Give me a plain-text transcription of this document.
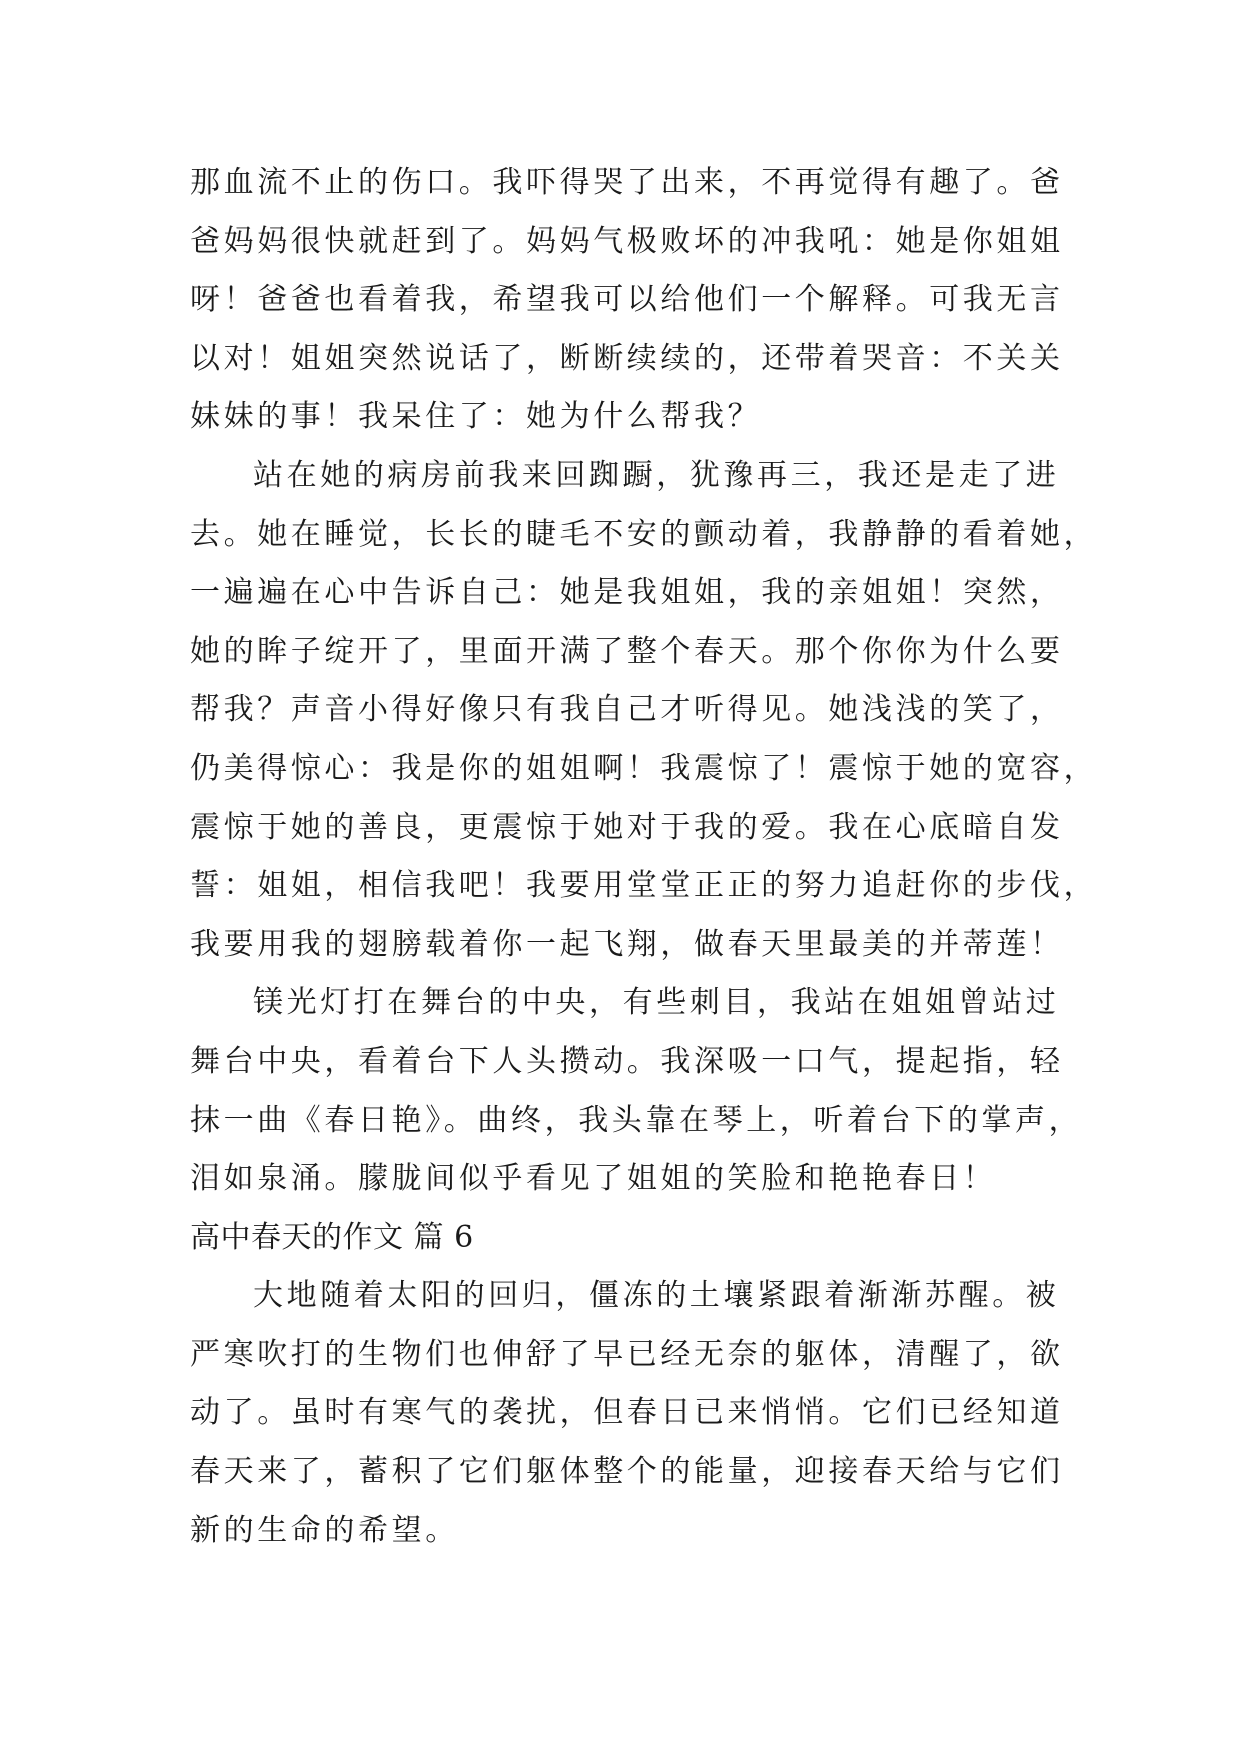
那血流不止的伤口。我吓得哭了出来，不再觉得有趣了。爸
爸妈妈很快就赶到了。妈妈气极败坏的冲我吼：她是你姐姐
呀！爸爸也看着我，希望我可以给他们一个解释。可我无言
以对！姐姐突然说话了，断断续续的，还带着哭音：不关关
妹妹的事！我呆住了：她为什么帮我？
站在她的病房前我来回踟蹰，犹豫再三，我还是走了进
去。她在睡觉，长长的睫毛不安的颤动着，我静静的看着她，
一遍遍在心中告诉自己：她是我姐姐，我的亲姐姐！突然，
她的眸子绽开了，里面开满了整个春天。那个你你为什么要
帮我？声音小得好像只有我自己才听得见。她浅浅的笑了，
仍美得惊心：我是你的姐姐啊！我震惊了！震惊于她的宽容，
震惊于她的善良，更震惊于她对于我的爱。我在心底暗自发
誓：姐姐，相信我吧！我要用堂堂正正的努力追赶你的步伐，
我要用我的翅膀载着你一起飞翔，做春天里最美的并蒂莲！
镁光灯打在舞台的中央，有些刺目，我站在姐姐曾站过
舞台中央，看着台下人头攒动。我深吸一口气，提起指，轻
抹一曲《春日艳》。曲终，我头靠在琴上，听着台下的掌声，
泪如泉涌。朦胧间似乎看见了姐姐的笑脸和艳艳春日！
高中春天的作文 篇 6
大地随着太阳的回归，僵冻的土壤紧跟着渐渐苏醒。被
严寒吹打的生物们也伸舒了早已经无奈的躯体，清醒了，欲
动了。虽时有寒气的袭扰，但春日已来悄悄。它们已经知道
春天来了，蓄积了它们躯体整个的能量，迎接春天给与它们
新的生命的希望。
